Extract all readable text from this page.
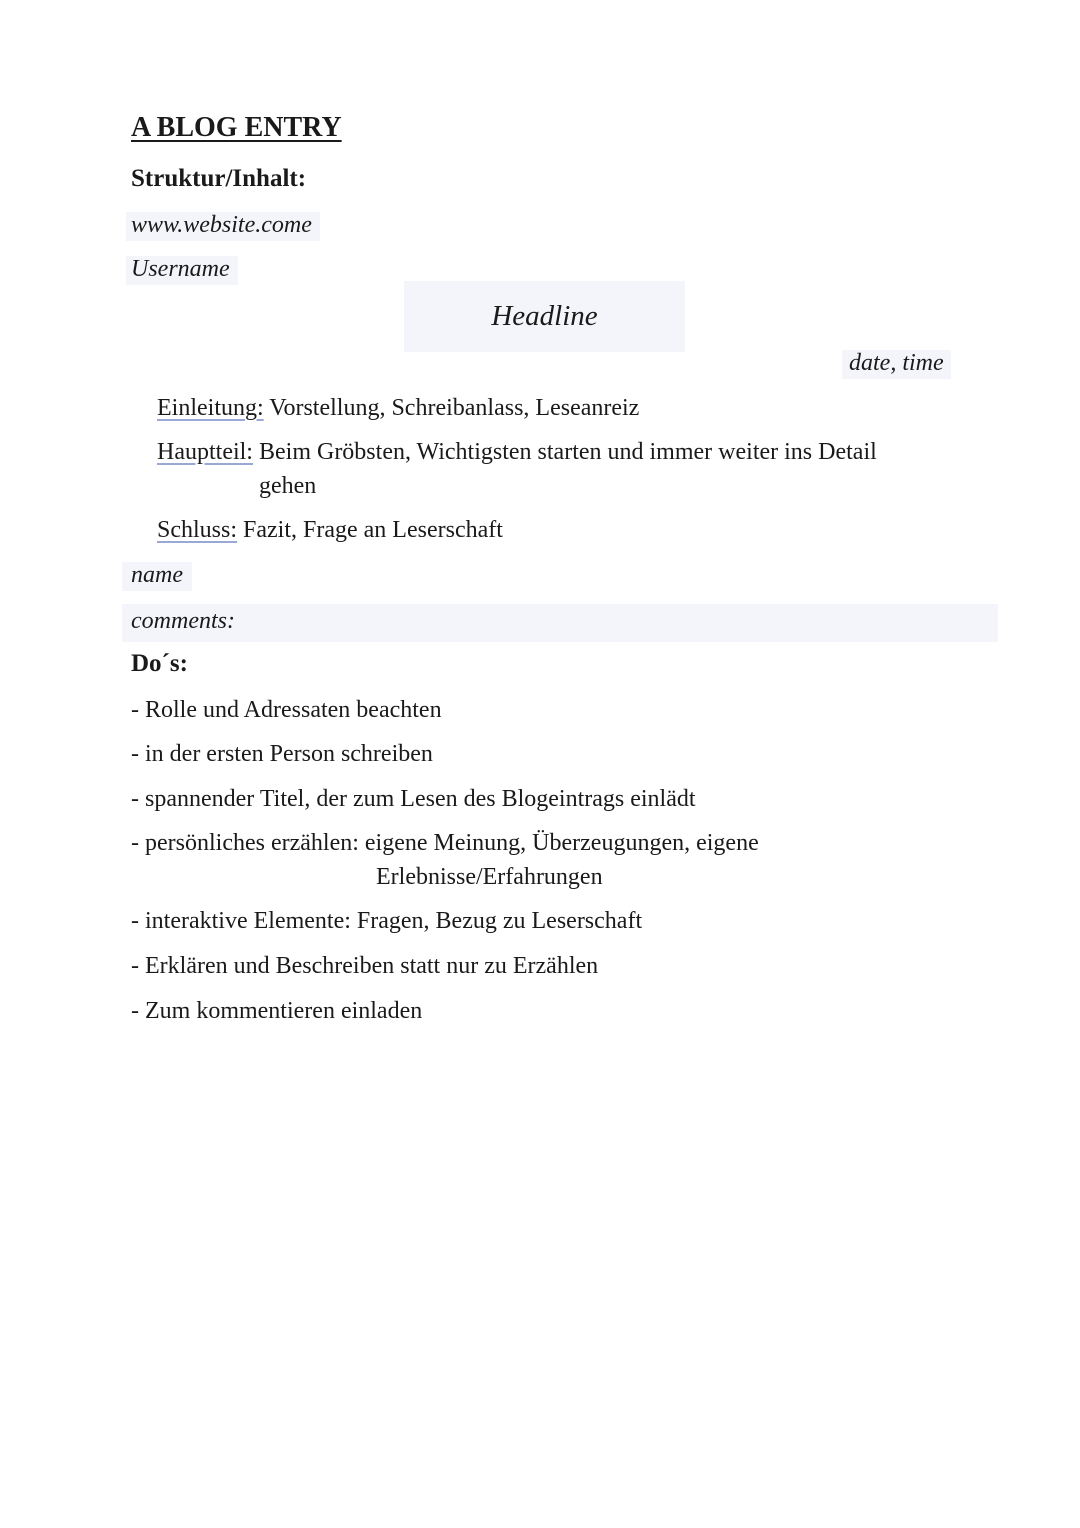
A BLOG ENTRY
Struktur/Inhalt:
www.website.come
Username
Headline
date, time
Einleitung: Vorstellung, Schreibanlass, Leseanreiz
Hauptteil: Beim Gröbsten, Wichtigsten starten und immer weiter ins Detail
gehen
Schluss: Fazit, Frage an Leserschaft
name
comments:
Do´s:
- Rolle und Adressaten beachten
- in der ersten Person schreiben
- spannender Titel, der zum Lesen des Blogeintrags einlädt
- persönliches erzählen: eigene Meinung, Überzeugungen, eigene
Erlebnisse/Erfahrungen
- interaktive Elemente: Fragen, Bezug zu Leserschaft
- Erklären und Beschreiben statt nur zu Erzählen
- Zum kommentieren einladen
